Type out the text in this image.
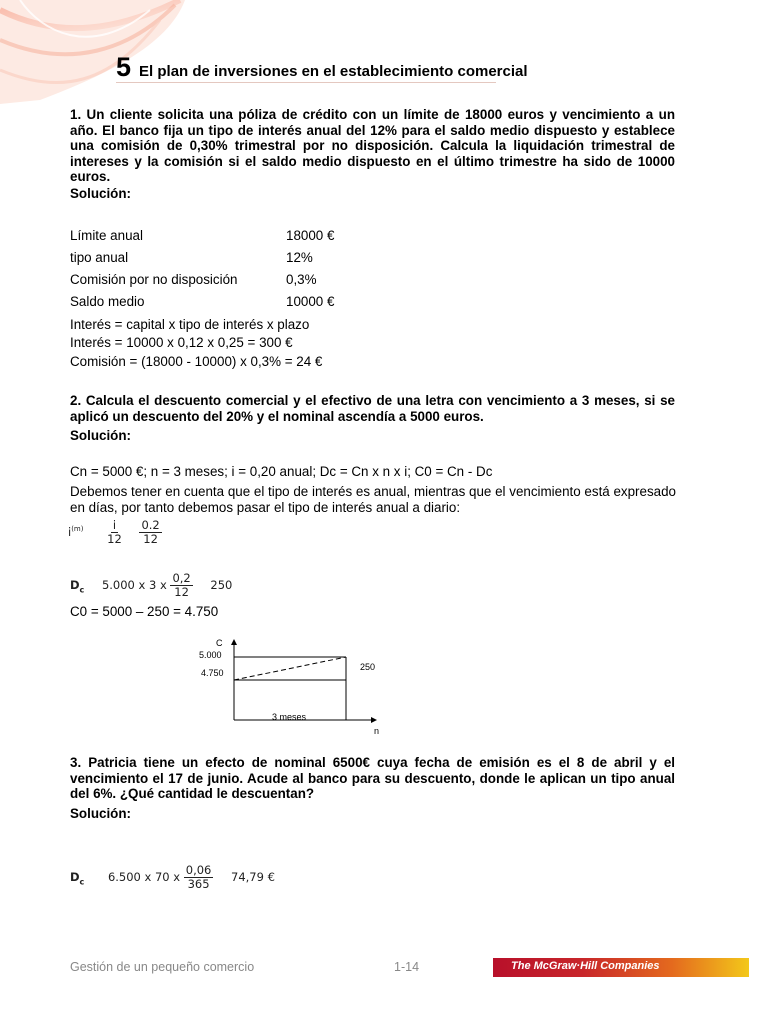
5 El plan de inversiones en el establecimiento comercial
1. Un cliente solicita una póliza de crédito con un límite de 18000 euros y vencimiento a un año. El banco fija un tipo de interés anual del 12% para el saldo medio dispuesto y establece una comisión de 0,30% trimestral por no disposición. Calcula la liquidación trimestral de intereses y la comisión si el saldo medio dispuesto en el último trimestre ha sido de 10000 euros.
Solución:
Límite anual	18000 €
tipo anual	12%
Comisión por no disposición	0,3%
Saldo medio	10000 €
Interés = capital x tipo de interés x plazo
Interés = 10000 x 0,12 x 0,25 = 300 €
Comisión = (18000 - 10000) x 0,3% = 24 €
2. Calcula el descuento comercial y el efectivo de una letra con vencimiento a 3 meses, si se aplicó un descuento del 20% y el nominal ascendía a 5000 euros.
Solución:
Cn = 5000 €; n = 3 meses; i = 0,20 anual; Dc = Cn x n x i; C0 = Cn - Dc
Debemos tener en cuenta que el tipo de interés es anual, mientras que el vencimiento está expresado en días, por tanto debemos pasar el tipo de interés anual a diario:
$i^{(m)} \frac{i}{12}$
$\frac{0.2}{12}$
$D_c$ 5.000 x 3 x $\frac{0,2}{12} 250$
C0 = 5000 – 250 = 4.750
C
5.000
4.750
250
3 meses
n
3. Patricia tiene un efecto de nominal 6500€ cuya fecha de emisión es el 8 de abril y el vencimiento el 17 de junio. Acude al banco para su descuento, donde le aplican un tipo anual del 6%. ¿Qué cantidad le descuentan?
Solución:
$D_c$ 6.500 x 70 x $\frac{0,06}{365} 74,79$ €
Gestión de un pequeño comercio	1-14	The McGraw·Hill Companies
